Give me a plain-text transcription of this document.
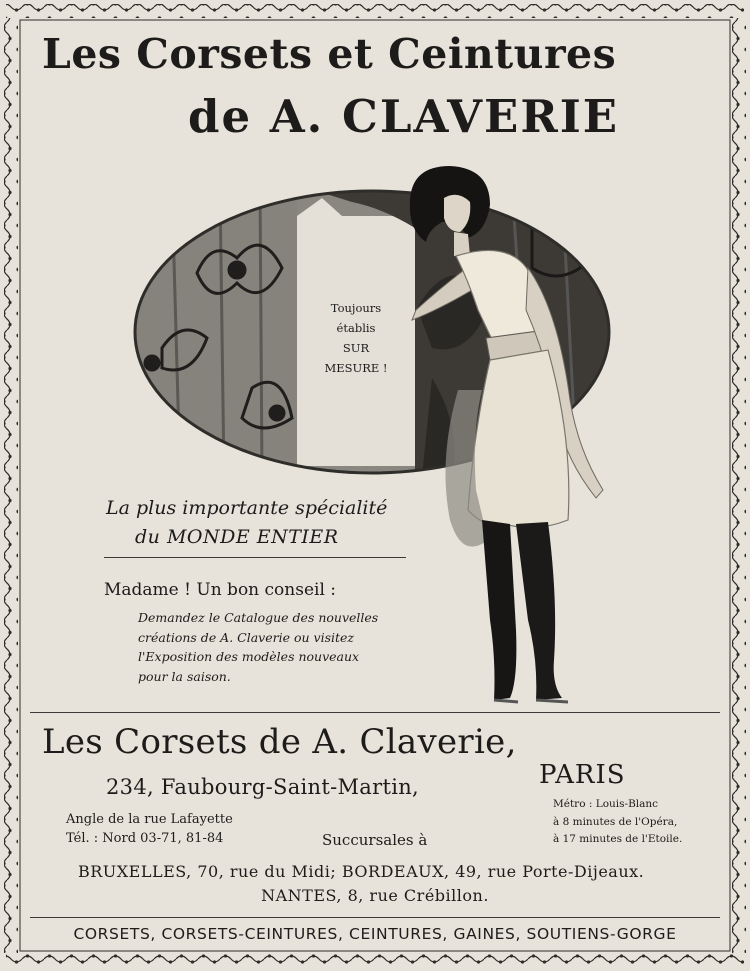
Les Corsets et Ceintures
de A. CLAVERIE
Toujours
établis
SUR
MESURE !

La plus importante spécialité

du MONDE ENTIER

Madame ! Un bon conseil :

Demandez le Catalogue des nouvelles
créations de A. Claverie ou visitez
l'Exposition des modèles nouveaux
pour la saison.

Les Corsets de A. Claverie,

234, Faubourg-Saint-Martin,

Angle de la rue Lafayette
Tél. : Nord 03-71, 81-84	Succursales à

PARIS

Métro : Louis-Blanc
à 8 minutes de l'Opéra,
à 17 minutes de l'Etoile.

BRUXELLES, 70, rue du Midi; BORDEAUX, 49, rue Porte-Dijeaux.

NANTES, 8, rue Crébillon.

CORSETS, CORSETS-CEINTURES, CEINTURES, GAINES, SOUTIENS-GORGE
